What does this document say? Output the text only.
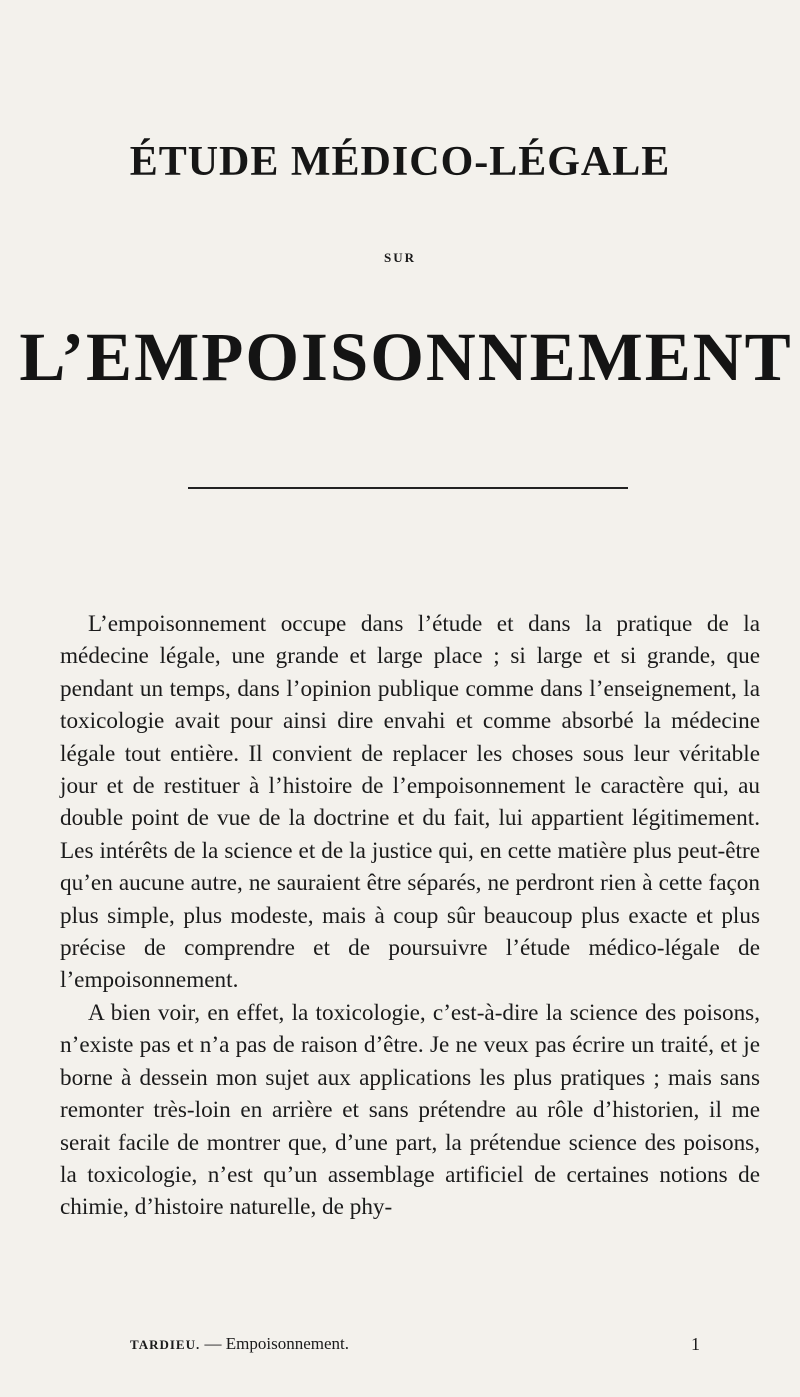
ÉTUDE MÉDICO-LÉGALE
SUR
L’EMPOISONNEMENT

L’empoisonnement occupe dans l’étude et dans la pratique de la médecine légale, une grande et large place ; si large et si grande, que pendant un temps, dans l’opinion publique comme dans l’enseignement, la toxicologie avait pour ainsi dire envahi et comme absorbé la médecine légale tout entière. Il convient de replacer les choses sous leur véritable jour et de restituer à l’histoire de l’empoisonnement le caractère qui, au double point de vue de la doctrine et du fait, lui appartient légitimement. Les intérêts de la science et de la justice qui, en cette matière plus peut-être qu’en aucune autre, ne sauraient être séparés, ne perdront rien à cette façon plus simple, plus modeste, mais à coup sûr beaucoup plus exacte et plus précise de comprendre et de poursuivre l’étude médico-légale de l’empoisonnement.

A bien voir, en effet, la toxicologie, c’est-à-dire la science des poisons, n’existe pas et n’a pas de raison d’être. Je ne veux pas écrire un traité, et je borne à dessein mon sujet aux applications les plus pratiques ; mais sans remonter très-loin en arrière et sans prétendre au rôle d’historien, il me serait facile de montrer que, d’une part, la prétendue science des poisons, la toxicologie, n’est qu’un assemblage artificiel de certaines notions de chimie, d’histoire naturelle, de phy-

TARDIEU. — Empoisonnement.	1
